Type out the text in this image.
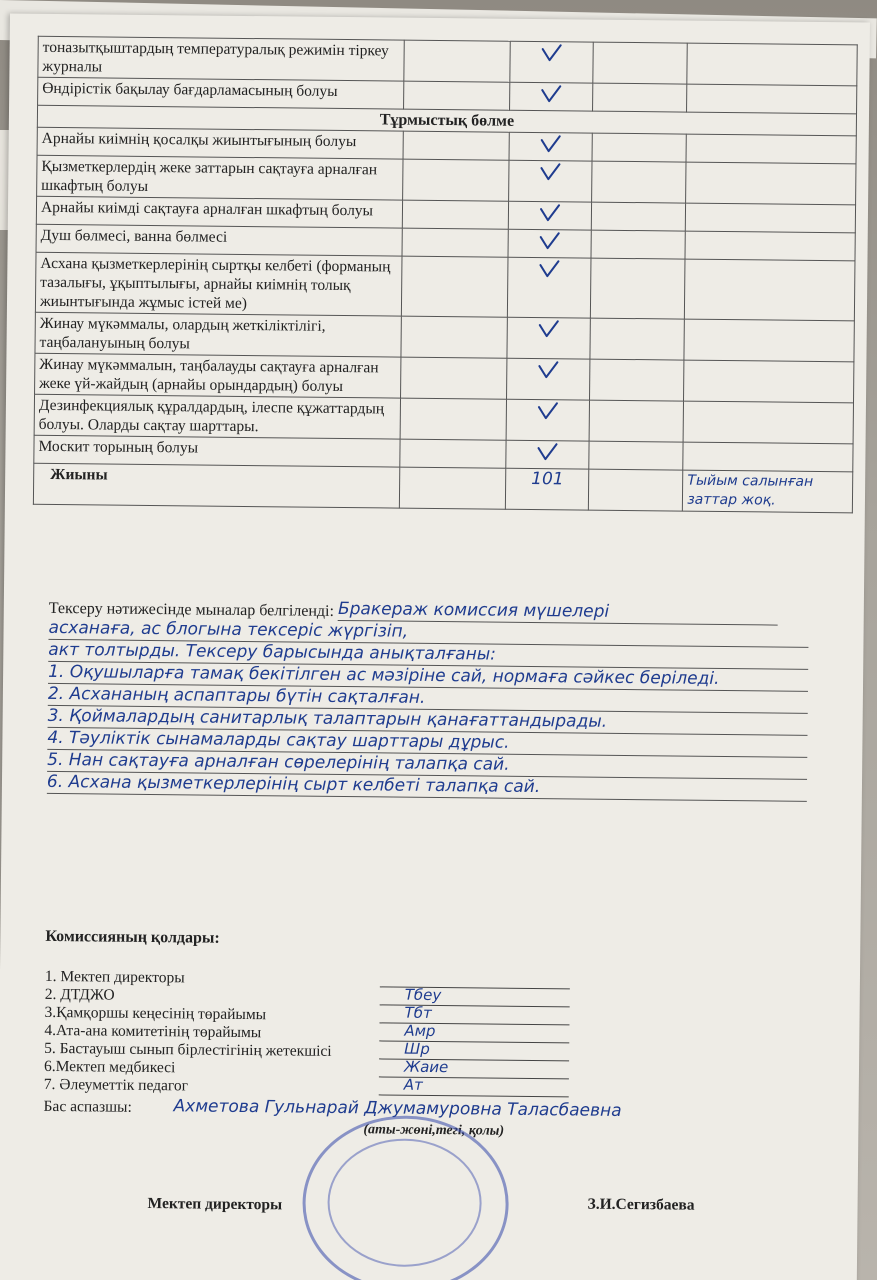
тоназытқыштардың температуралық режимін тіркеу журналы				
Өндірістік бақылау бағдарламасының болуы				
Тұрмыстық бөлме				
Арнайы киімнің қосалқы жиынтығының болуы				
Қызметкерлердің жеке заттарын сақтауға арналған шкафтың болуы				
Арнайы киімді сақтауға арналған шкафтың болуы				
Душ бөлмесі, ванна бөлмесі				
Асхана қызметкерлерінің сыртқы келбеті (форманың тазалығы, ұқыптылығы, арнайы киімнің толық жиынтығында жұмыс істей ме)				
Жинау мүкәммалы, олардың жеткіліктілігі, таңбалануының болуы				
Жинау мүкәммалын, таңбалауды сақтауға арналған жеке үй-жайдың (арнайы орындардың) болуы				
Дезинфекциялық құралдардың, ілеспе құжаттардың болуы. Оларды сақтау шарттары.				
Москит торының болуы				
Жиыны		101		Тыйым салынған заттар жоқ.
Тексеру нәтижесінде мыналар белгіленді: Бракераж комиссия мүшелері
асханаға, ас блогына тексеріс жүргізіп,
акт толтырды. Тексеру барысында анықталғаны:
1. Оқушыларға тамақ бекітілген ас мәзіріне сай, нормаға сәйкес беріледі.
2. Асхананың аспаптары бүтін сақталған.
3. Қоймалардың санитарлық талаптарын қанағаттандырады.
4. Тәуліктік сынамаларды сақтау шарттары дұрыс.
5. Нан сақтауға арналған сөрелерінің талапқа сай.
6. Асхана қызметкерлерінің сырт келбеті талапқа сай.
Комиссияның қолдары:
1. Мектеп директоры
2. ДТДЖО	Тбеу
3.Қамқоршы кеңесінің төрайымы	Тбт
4.Ата-ана комитетінің төрайымы	Амр
5. Бастауыш сынып бірлестігінің жетекшісі	Шр
6.Мектеп медбикесі	Жаие
7. Әлеуметтік педагог	Ат
Бас аспазшы: Ахметова Гульнарай Джумамуровна Таласбаевна
(аты-жөні,тегі, қолы)
Мектеп директоры	З.И.Сегизбаева
